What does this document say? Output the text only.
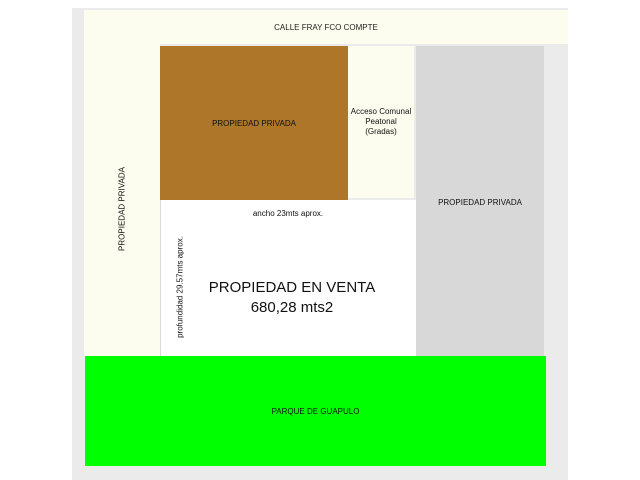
PROPIEDAD PRIVADA
CALLE FRAY FCO COMPTE
PROPIEDAD PRIVADA
Acceso Comunal
Peatonal
(Gradas)
PROPIEDAD PRIVADA
ancho 23mts aprox.
profundidad 29.57mts aprox.	PROPIEDAD EN VENTA
680,28 mts2
PARQUE DE GUAPULO
